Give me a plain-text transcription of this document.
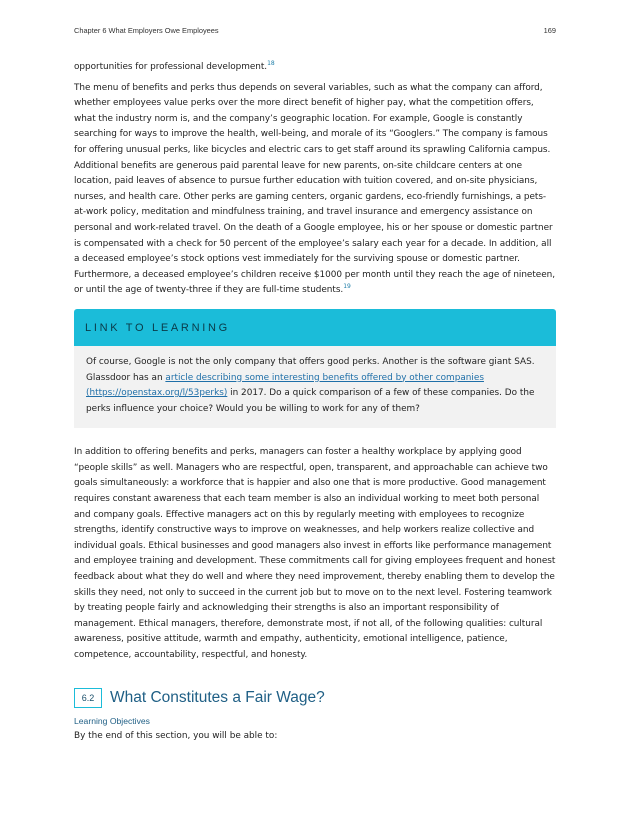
Chapter 6 What Employers Owe Employees	169

opportunities for professional development.$^{18}$

The menu of benefits and perks thus depends on several variables, such as what the company can afford, whether employees value perks over the more direct benefit of higher pay, what the competition offers, what the industry norm is, and the company’s geographic location. For example, Google is constantly searching for ways to improve the health, well-being, and morale of its “Googlers.” The company is famous for offering unusual perks, like bicycles and electric cars to get staff around its sprawling California campus. Additional benefits are generous paid parental leave for new parents, on-site childcare centers at one location, paid leaves of absence to pursue further education with tuition covered, and on-site physicians, nurses, and health care. Other perks are gaming centers, organic gardens, eco-friendly furnishings, a pets-at-work policy, meditation and mindfulness training, and travel insurance and emergency assistance on personal and work-related travel. On the death of a Google employee, his or her spouse or domestic partner is compensated with a check for 50 percent of the employee’s salary each year for a decade. In addition, all a deceased employee’s stock options vest immediately for the surviving spouse or domestic partner. Furthermore, a deceased employee’s children receive $1000 per month until they reach the age of nineteen, or until the age of twenty-three if they are full-time students.$^{19}$

LINK TO LEARNING

Of course, Google is not the only company that offers good perks. Another is the software giant SAS. Glassdoor has an article describing some interesting benefits offered by other companies (https://openstax.org/l/53perks) in 2017. Do a quick comparison of a few of these companies. Do the perks influence your choice? Would you be willing to work for any of them?

In addition to offering benefits and perks, managers can foster a healthy workplace by applying good “people skills” as well. Managers who are respectful, open, transparent, and approachable can achieve two goals simultaneously: a workforce that is happier and also one that is more productive. Good management requires constant awareness that each team member is also an individual working to meet both personal and company goals. Effective managers act on this by regularly meeting with employees to recognize strengths, identify constructive ways to improve on weaknesses, and help workers realize collective and individual goals. Ethical businesses and good managers also invest in efforts like performance management and employee training and development. These commitments call for giving employees frequent and honest feedback about what they do well and where they need improvement, thereby enabling them to develop the skills they need, not only to succeed in the current job but to move on to the next level. Fostering teamwork by treating people fairly and acknowledging their strengths is also an important responsibility of management. Ethical managers, therefore, demonstrate most, if not all, of the following qualities: cultural awareness, positive attitude, warmth and empathy, authenticity, emotional intelligence, patience, competence, accountability, respectful, and honesty.

6.2	What Constitutes a Fair Wage?
Learning Objectives
By the end of this section, you will be able to:
